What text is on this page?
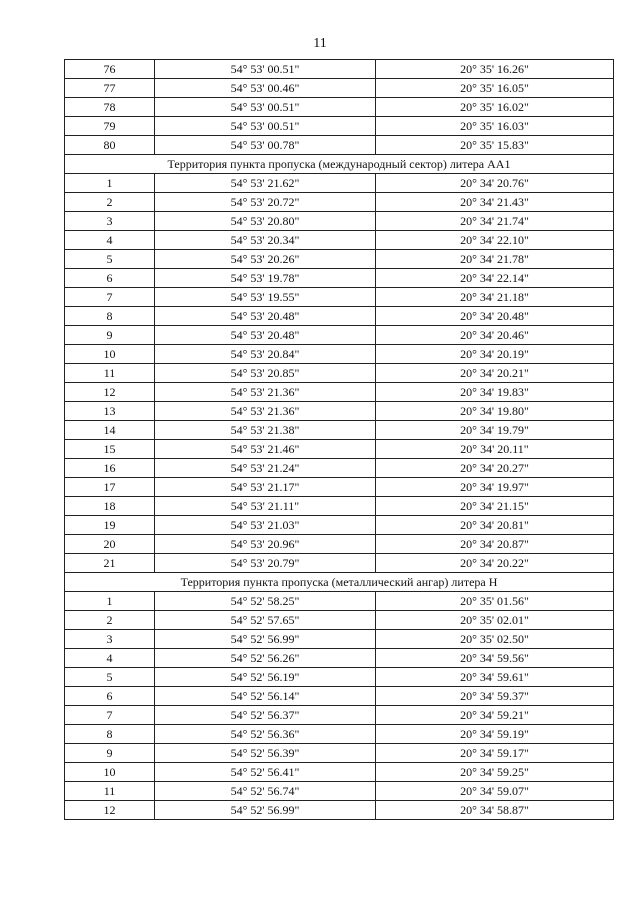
11
76	54° 53' 00.51"	20° 35' 16.26"
77	54° 53' 00.46"	20° 35' 16.05"
78	54° 53' 00.51"	20° 35' 16.02"
79	54° 53' 00.51"	20° 35' 16.03"
80	54° 53' 00.78"	20° 35' 15.83"
Территория пункта пропуска (международный сектор) литера АА1		
1	54° 53' 21.62"	20° 34' 20.76"
2	54° 53' 20.72"	20° 34' 21.43"
3	54° 53' 20.80"	20° 34' 21.74"
4	54° 53' 20.34"	20° 34' 22.10"
5	54° 53' 20.26"	20° 34' 21.78"
6	54° 53' 19.78"	20° 34' 22.14"
7	54° 53' 19.55"	20° 34' 21.18"
8	54° 53' 20.48"	20° 34' 20.48"
9	54° 53' 20.48"	20° 34' 20.46"
10	54° 53' 20.84"	20° 34' 20.19"
11	54° 53' 20.85"	20° 34' 20.21"
12	54° 53' 21.36"	20° 34' 19.83"
13	54° 53' 21.36"	20° 34' 19.80"
14	54° 53' 21.38"	20° 34' 19.79"
15	54° 53' 21.46"	20° 34' 20.11"
16	54° 53' 21.24"	20° 34' 20.27"
17	54° 53' 21.17"	20° 34' 19.97"
18	54° 53' 21.11"	20° 34' 21.15"
19	54° 53' 21.03"	20° 34' 20.81"
20	54° 53' 20.96"	20° 34' 20.87"
21	54° 53' 20.79"	20° 34' 20.22"
Территория пункта пропуска (металлический ангар) литера Н		
1	54° 52' 58.25"	20° 35' 01.56"
2	54° 52' 57.65"	20° 35' 02.01"
3	54° 52' 56.99"	20° 35' 02.50"
4	54° 52' 56.26"	20° 34' 59.56"
5	54° 52' 56.19"	20° 34' 59.61"
6	54° 52' 56.14"	20° 34' 59.37"
7	54° 52' 56.37"	20° 34' 59.21"
8	54° 52' 56.36"	20° 34' 59.19"
9	54° 52' 56.39"	20° 34' 59.17"
10	54° 52' 56.41"	20° 34' 59.25"
11	54° 52' 56.74"	20° 34' 59.07"
12	54° 52' 56.99"	20° 34' 58.87"
